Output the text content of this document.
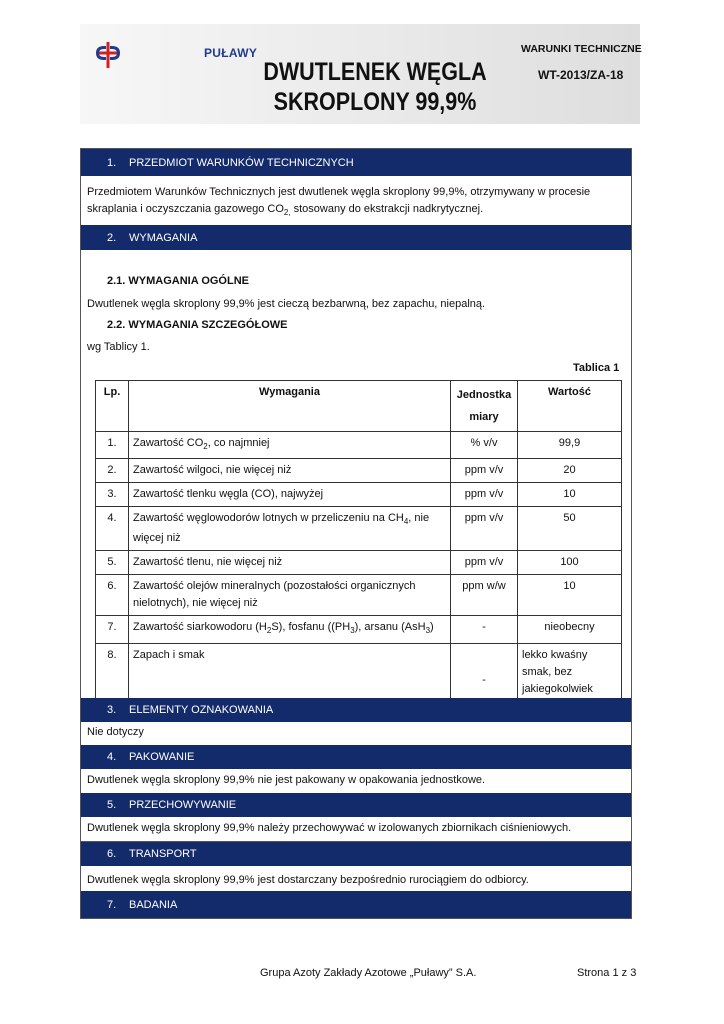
PUŁAWY	WARUNKI TECHNICZNE
WT-2013/ZA-18
DWUTLENEK WĘGLA
SKROPLONY 99,9%
1.	PRZEDMIOT WARUNKÓW TECHNICZNYCH
Przedmiotem Warunków Technicznych jest dwutlenek węgla skroplony 99,9%, otrzymywany w procesie
skraplania i oczyszczania gazowego $CO_{2,}$ stosowany do ekstrakcji nadkrytycznej.
2.	WYMAGANIA
2.1. WYMAGANIA OGÓLNE
Dwutlenek węgla skroplony 99,9% jest cieczą bezbarwną, bez zapachu, niepalną.
2.2. WYMAGANIA SZCZEGÓŁOWE
wg Tablicy 1.
Tablica 1
Lp.	Wymagania	Jednostka miary	Wartość
1.	Zawartość $CO_2$, co najmniej	% v/v	99,9
2.	Zawartość wilgoci, nie więcej niż	ppm v/v	20
3.	Zawartość tlenku węgla (CO), najwyżej	ppm v/v	10
4.	Zawartość węglowodorów lotnych w przeliczeniu na $CH_4$, nie więcej niż	ppm v/v	50
5.	Zawartość tlenu, nie więcej niż	ppm v/v	100
6.	Zawartość olejów mineralnych (pozostałości organicznych nielotnych), nie więcej niż	ppm w/w	10
7.	Zawartość siarkowodoru $(H_2S)$, fosfanu ($(PH_3)$, arsanu (AsH$_3$)	-	nieobecny
8.	Zapach i smak	-	lekko kwaśny smak, bez jakiegokolwiek
3.	ELEMENTY OZNAKOWANIA
Nie dotyczy
4.	PAKOWANIE
Dwutlenek węgla skroplony 99,9% nie jest pakowany w opakowania jednostkowe.
5.	PRZECHOWYWANIE
Dwutlenek węgla skroplony 99,9% należy przechowywać w izolowanych zbiornikach ciśnieniowych.
6.	TRANSPORT
Dwutlenek węgla skroplony 99,9% jest dostarczany bezpośrednio rurociągiem do odbiorcy.
7.	BADANIA
Grupa Azoty Zakłady Azotowe „Puławy” S.A.	Strona 1 z 3
